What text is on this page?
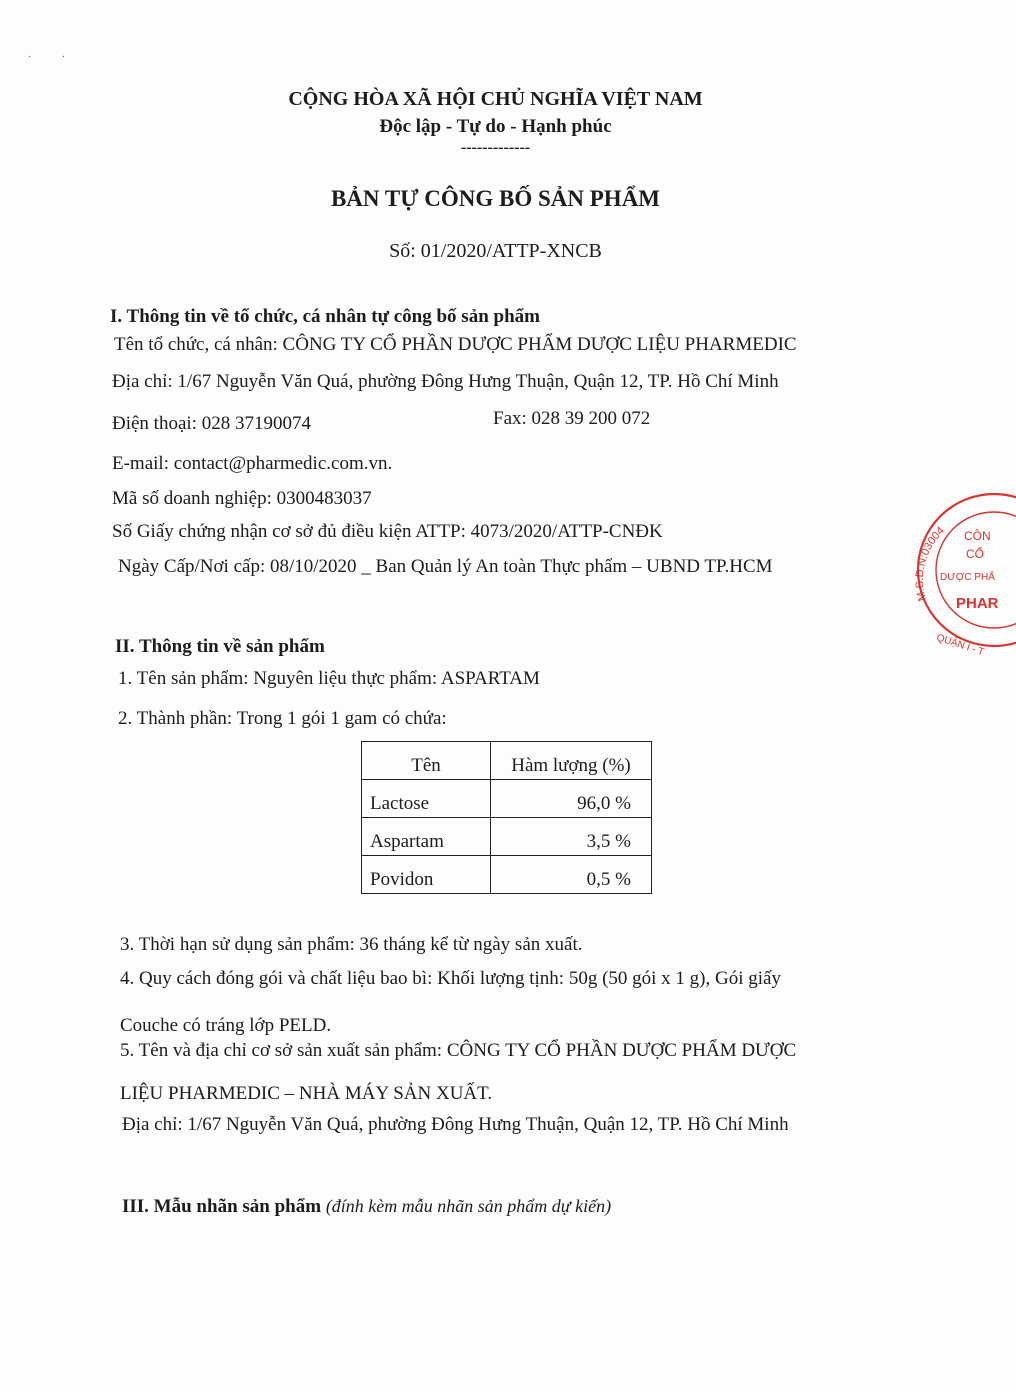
· ·
CỘNG HÒA XÃ HỘI CHỦ NGHĨA VIỆT NAM
Độc lập - Tự do - Hạnh phúc
-------------
BẢN TỰ CÔNG BỐ SẢN PHẨM
Số: 01/2020/ATTP-XNCB
I. Thông tin về tổ chức, cá nhân tự công bố sản phẩm
Tên tổ chức, cá nhân: CÔNG TY CỔ PHẦN DƯỢC PHẨM DƯỢC LIỆU PHARMEDIC
Địa chỉ: 1/67 Nguyễn Văn Quá, phường Đông Hưng Thuận, Quận 12, TP. Hồ Chí Minh
Điện thoại: 028 37190074	Fax: 028 39 200 072
E-mail: contact@pharmedic.com.vn.
Mã số doanh nghiệp: 0300483037
Số Giấy chứng nhận cơ sở đủ điều kiện ATTP: 4073/2020/ATTP-CNĐK
Ngày Cấp/Nơi cấp: 08/10/2020 _ Ban Quản lý An toàn Thực phẩm – UBND TP.HCM
II. Thông tin về sản phẩm
1. Tên sản phẩm: Nguyên liệu thực phẩm: ASPARTAM
2. Thành phần: Trong 1 gói 1 gam có chứa:
Tên	Hàm lượng (%)
Lactose	96,0 %
Aspartam	3,5 %
Povidon	0,5 %
3. Thời hạn sử dụng sản phẩm: 36 tháng kể từ ngày sản xuất.
4. Quy cách đóng gói và chất liệu bao bì: Khối lượng tịnh: 50g (50 gói x 1 g), Gói giấy
Couche có tráng lớp PELD.
5. Tên và địa chỉ cơ sở sản xuất sản phẩm: CÔNG TY CỔ PHẦN DƯỢC PHẨM DƯỢC
LIỆU PHARMEDIC – NHÀ MÁY SẢN XUẤT.
Địa chỉ: 1/67 Nguyễn Văn Quá, phường Đông Hưng Thuận, Quận 12, TP. Hồ Chí Minh
III. Mẫu nhãn sản phẩm (đính kèm mẫu nhãn sản phẩm dự kiến)
M.S.D.N:03004 CÔN
CỔ
DƯỢC PHẨ
PHAR
QUẬN I - T
